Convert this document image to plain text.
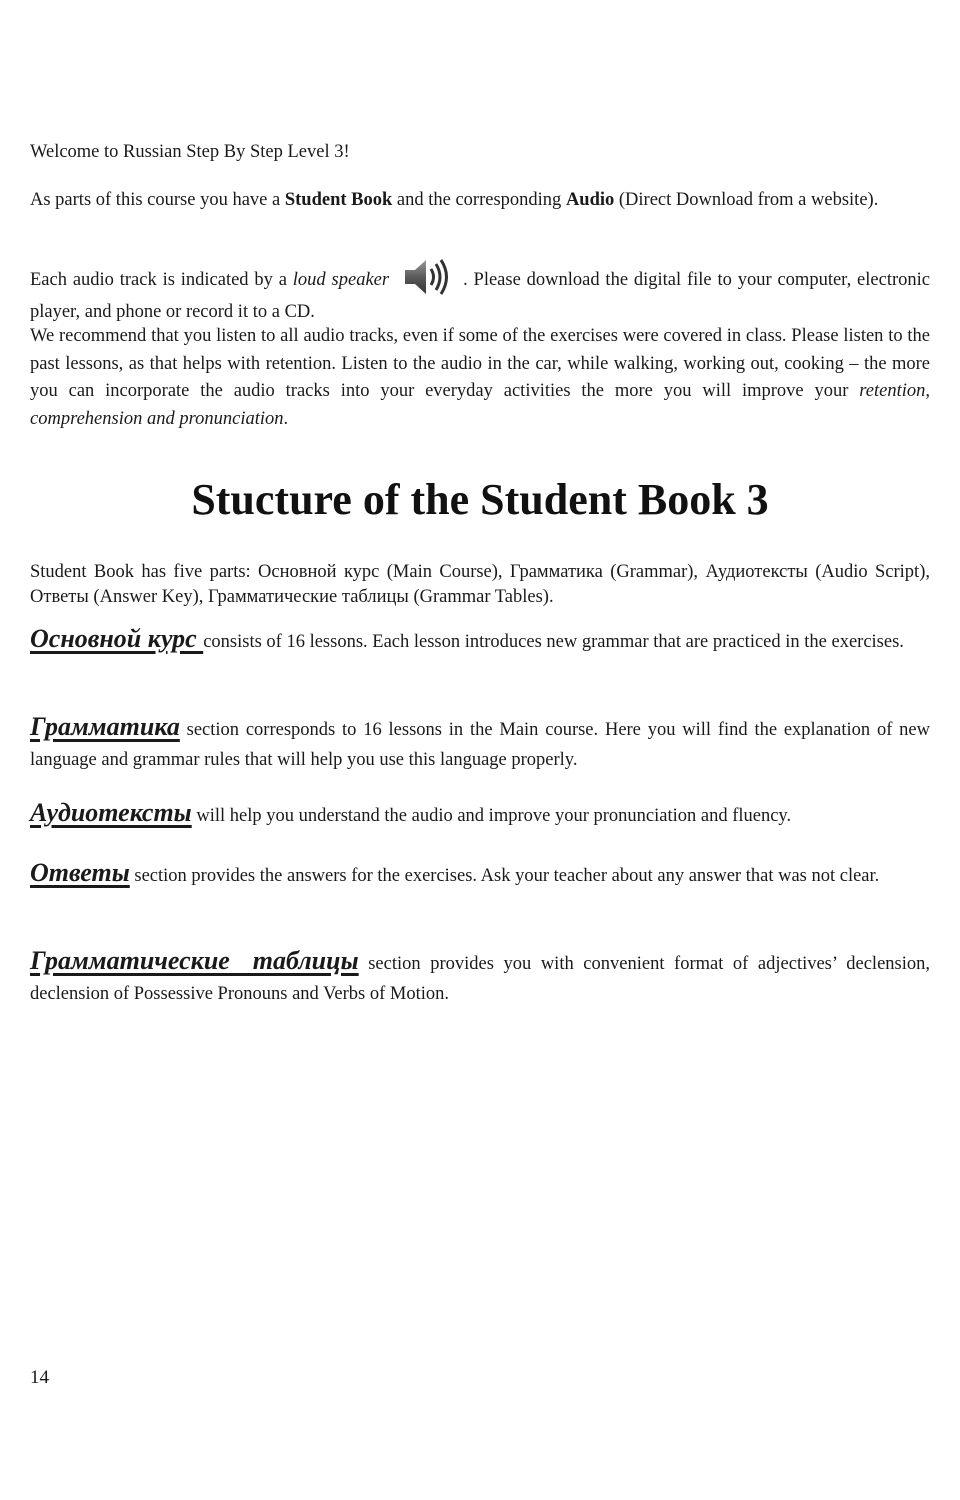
Welcome to Russian Step By Step Level 3!

As parts of this course you have a Student Book and the corresponding Audio (Direct Download from a website).

Each audio track is indicated by a loud speaker	. Please download the digital file to your computer, electronic player, and phone or record it to a CD.

We recommend that you listen to all audio tracks, even if some of the exercises were covered in class. Please listen to the past lessons, as that helps with retention. Listen to the audio in the car, while walking, working out, cooking – the more you can incorporate the audio tracks into your everyday activities the more you will improve your retention, comprehension and pronunciation.

Stucture of the Student Book 3

Student Book has five parts: Основной курс (Main Course), Грамматика (Grammar), Аудиотексты (Audio Script), Ответы (Answer Key), Грамматические таблицы (Grammar Tables).

Основной курс consists of 16 lessons. Each lesson introduces new grammar that are practiced in the exercises.

Грамматика section corresponds to 16 lessons in the Main course. Here you will find the explanation of new language and grammar rules that will help you use this language properly.

Аудиотексты will help you understand the audio and improve your pronunciation and fluency.

Ответы section provides the answers for the exercises. Ask your teacher about any answer that was not clear.

Грамматические  таблицы section provides you with convenient format of adjectives’ declension, declension of Possessive Pronouns and Verbs of Motion.

14
